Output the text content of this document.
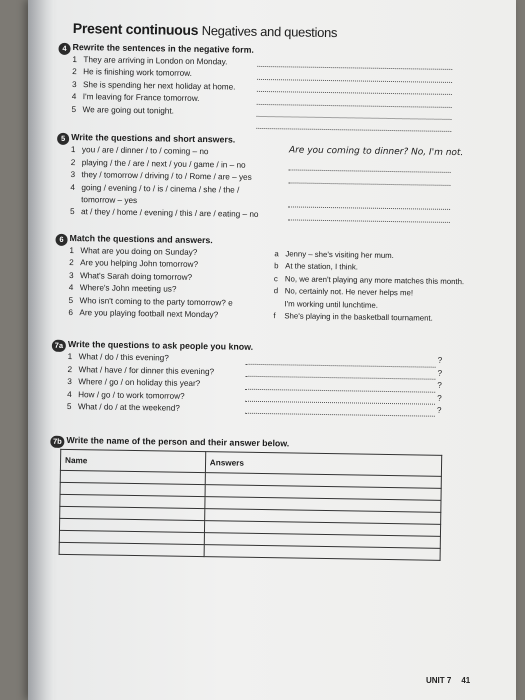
Present continuous Negatives and questions
4 Rewrite the sentences in the negative form.
1 They are arriving in London on Monday.
2 He is finishing work tomorrow.
3 She is spending her next holiday at home.
4 I'm leaving for France tomorrow.
5 We are going out tonight.

5 Write the questions and short answers.
1 you / are / dinner / to / coming – no	Are you coming to dinner? No, I'm not.
2 playing / the / are / next / you / game / in – no
3 they / tomorrow / driving / to / Rome / are – yes
4 going / evening / to / is / cinema / she / the /
tomorrow – yes
5 at / they / home / evening / this / are / eating – no
6 Match the questions and answers.
1 What are you doing on Sunday?
2 Are you helping John tomorrow?
3 What's Sarah doing tomorrow?
4 Where's John meeting us?
5 Who isn't coming to the party tomorrow? e
6 Are you playing football next Monday?
a Jenny – she's visiting her mum.
b At the station, I think.
c No, we aren't playing any more matches this month.
d No, certainly not. He never helps me!
I'm working until lunchtime.
f She's playing in the basketball tournament.
7a Write the questions to ask people you know.
1 What / do / this evening?	?
2 What / have / for dinner this evening?	?
3 Where / go / on holiday this year?	?
4 How / go / to work tomorrow?	?
5 What / do / at the weekend?	?
7b Write the name of the person and their answer below.
Name	Answers

UNIT 7 41
